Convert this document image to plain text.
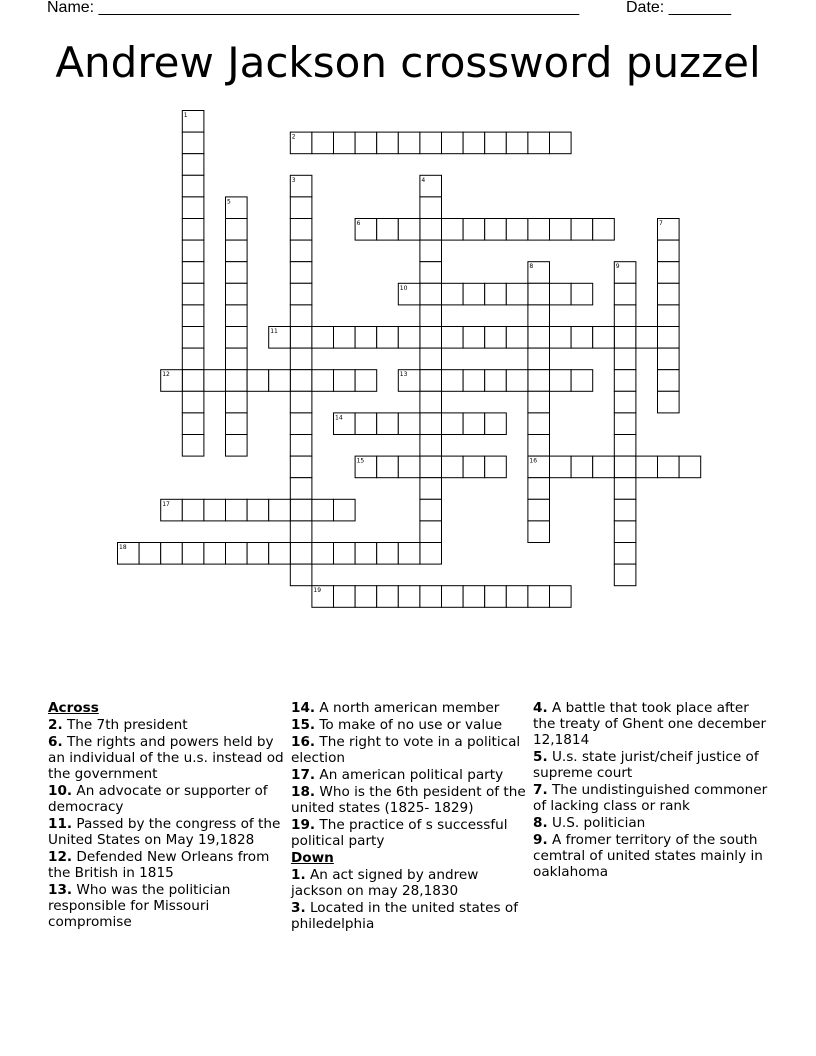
Name: ______________________________________________________	Date: _______
Andrew Jackson crossword puzzel
1
2
3	4
5
6	7
8	9
10
11
12	13
14
15	16
17
18
19
Across
2. The 7th president
6. The rights and powers held by an individual of the u.s. instead od the government
10. An advocate or supporter of democracy
11. Passed by the congress of the United States on May 19,1828
12. Defended New Orleans from the British in 1815
13. Who was the politician responsible for Missouri compromise
14. A north american member
15. To make of no use or value
16. The right to vote in a political election
17. An american political party
18. Who is the 6th pesident of the united states (1825- 1829)
19. The practice of s successful political party
Down
1. An act signed by andrew jackson on may 28,1830
3. Located in the united states of philedelphia
4. A battle that took place after the treaty of Ghent one december 12,1814
5. U.s. state jurist/cheif justice of supreme court
7. The undistinguished commoner of lacking class or rank
8. U.S. politician
9. A fromer territory of the south cemtral of united states mainly in oaklahoma
